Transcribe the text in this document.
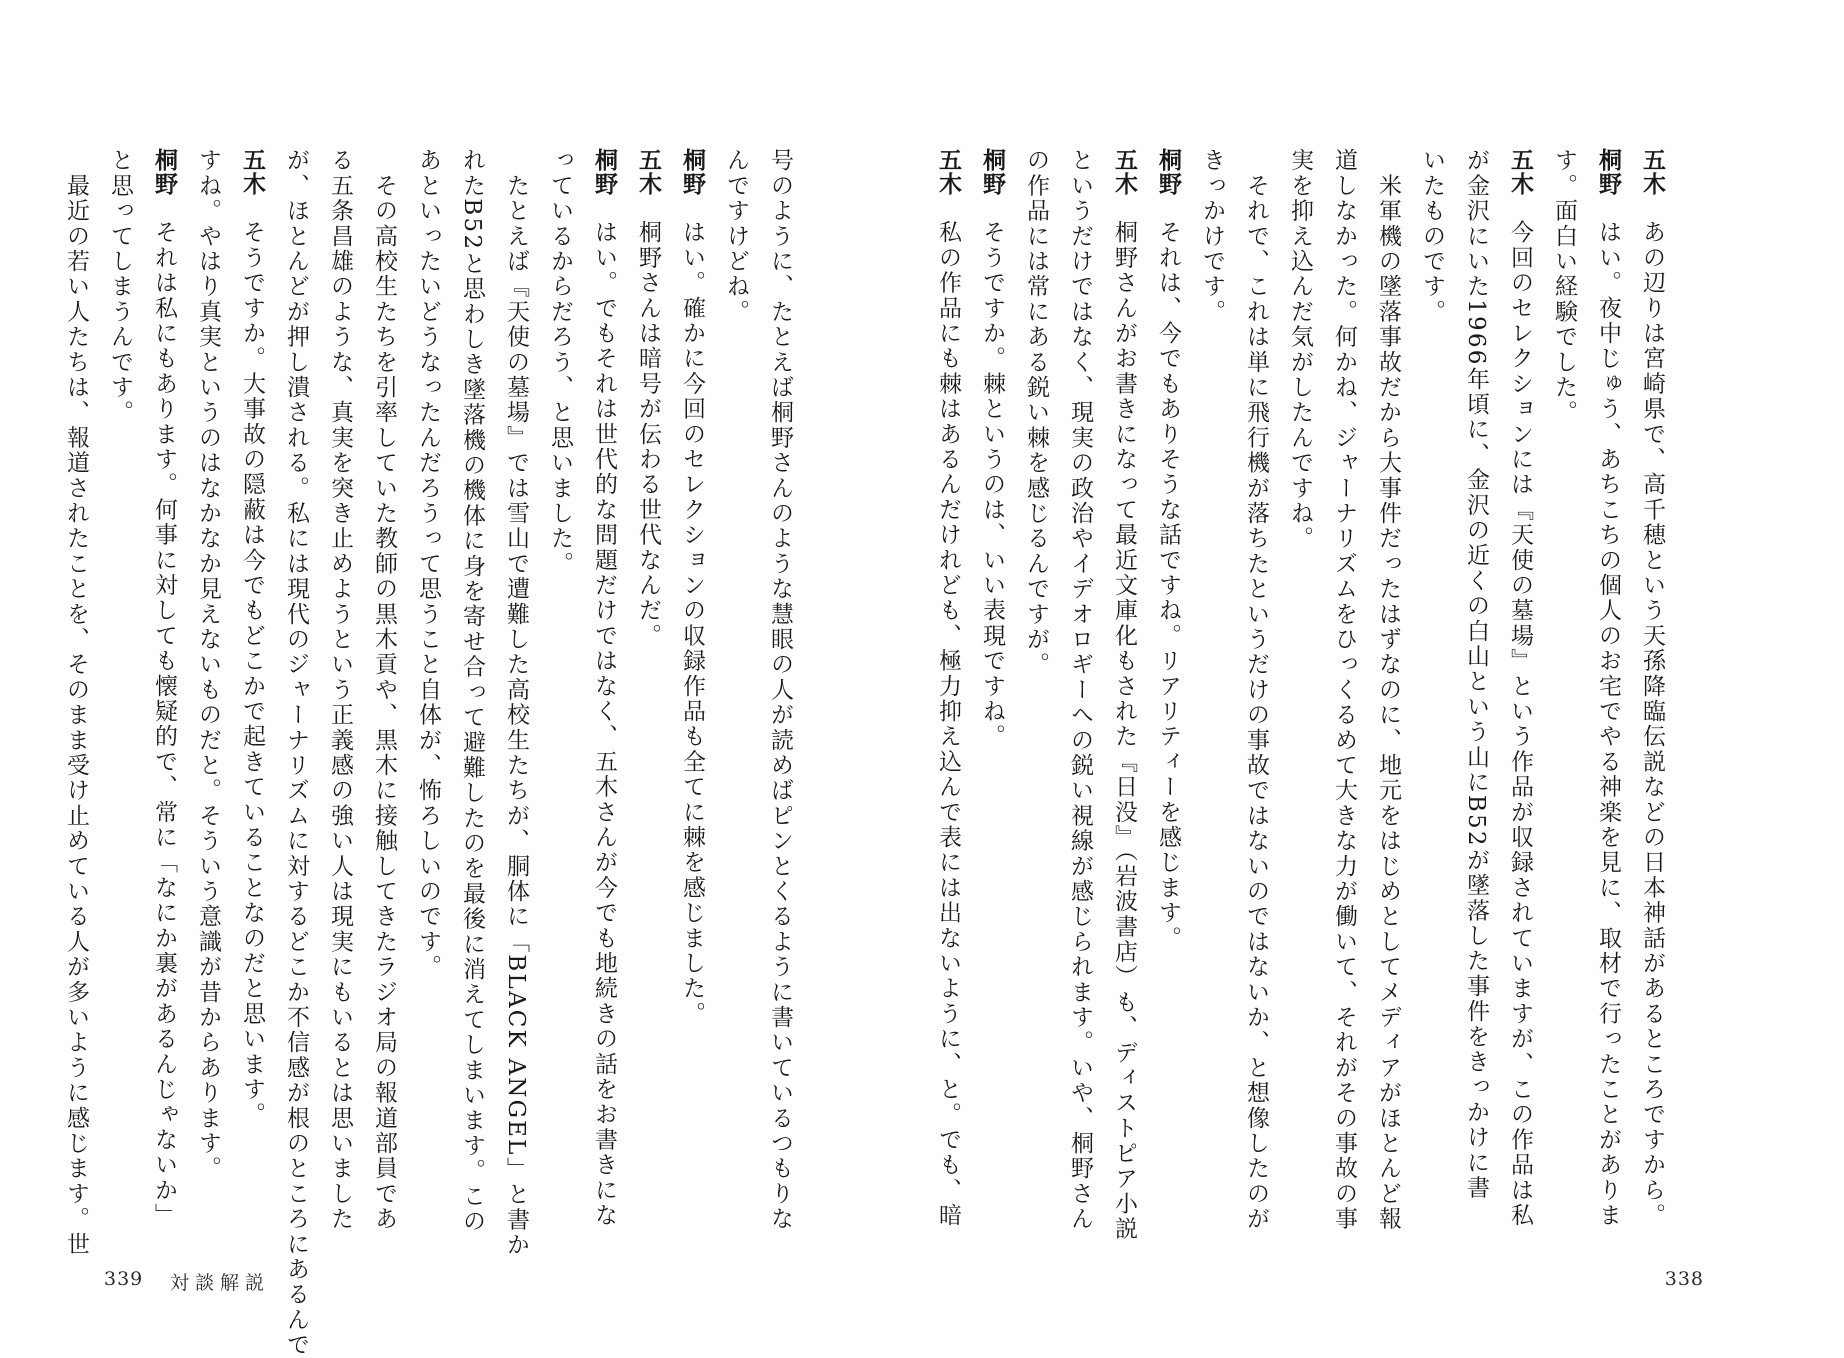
五木あの辺りは宮崎県で、高千穂という天孫降臨伝説などの日本神話があるところですから。
桐野はい。夜中じゅう、あちこちの個人のお宅でやる神楽を見に、取材で行ったことがありま
す。面白い経験でした。
五木今回のセレクションには『天使の墓場』という作品が収録されていますが、この作品は私
が金沢にいた1966年頃に、金沢の近くの白山という山にB52が墜落した事件をきっかけに書
いたものです。
　米軍機の墜落事故だから大事件だったはずなのに、地元をはじめとしてメディアがほとんど報
道しなかった。何かね、ジャーナリズムをひっくるめて大きな力が働いて、それがその事故の事
実を抑え込んだ気がしたんですね。
　それで、これは単に飛行機が落ちたというだけの事故ではないのではないか、と想像したのが
きっかけです。
桐野それは、今でもありそうな話ですね。リアリティーを感じます。
五木桐野さんがお書きになって最近文庫化もされた『日没』（岩波書店）も、ディストピア小説
というだけではなく、現実の政治やイデオロギーへの鋭い視線が感じられます。いや、桐野さん
の作品には常にある鋭い棘を感じるんですが。
桐野そうですか。棘というのは、いい表現ですね。
五木私の作品にも棘はあるんだけれども、極力抑え込んで表には出ないように、と。でも、暗
338
号のように、たとえば桐野さんのような慧眼の人が読めばピンとくるように書いているつもりな
んですけどね。
桐野はい。確かに今回のセレクションの収録作品も全てに棘を感じました。
五木桐野さんは暗号が伝わる世代なんだ。
桐野はい。でもそれは世代的な問題だけではなく、五木さんが今でも地続きの話をお書きにな
っているからだろう、と思いました。
　たとえば『天使の墓場』では雪山で遭難した高校生たちが、胴体に「BLACK ANGEL」と書か
れたB52と思わしき墜落機の機体に身を寄せ合って避難したのを最後に消えてしまいます。この
あといったいどうなったんだろうって思うこと自体が、怖ろしいのです。
　その高校生たちを引率していた教師の黒木貢や、黒木に接触してきたラジオ局の報道部員であ
る五条昌雄のような、真実を突き止めようという正義感の強い人は現実にもいるとは思いました
が、ほとんどが押し潰される。私には現代のジャーナリズムに対するどこか不信感が根のところにあるんで
五木そうですか。大事故の隠蔽は今でもどこかで起きていることなのだと思います。
すね。やはり真実というのはなかなか見えないものだと。そういう意識が昔からあります。
桐野それは私にもあります。何事に対しても懐疑的で、常に「なにか裏があるんじゃないか」
と思ってしまうんです。
　最近の若い人たちは、報道されたことを、そのまま受け止めている人が多いように感じます。世
339 対談解説
